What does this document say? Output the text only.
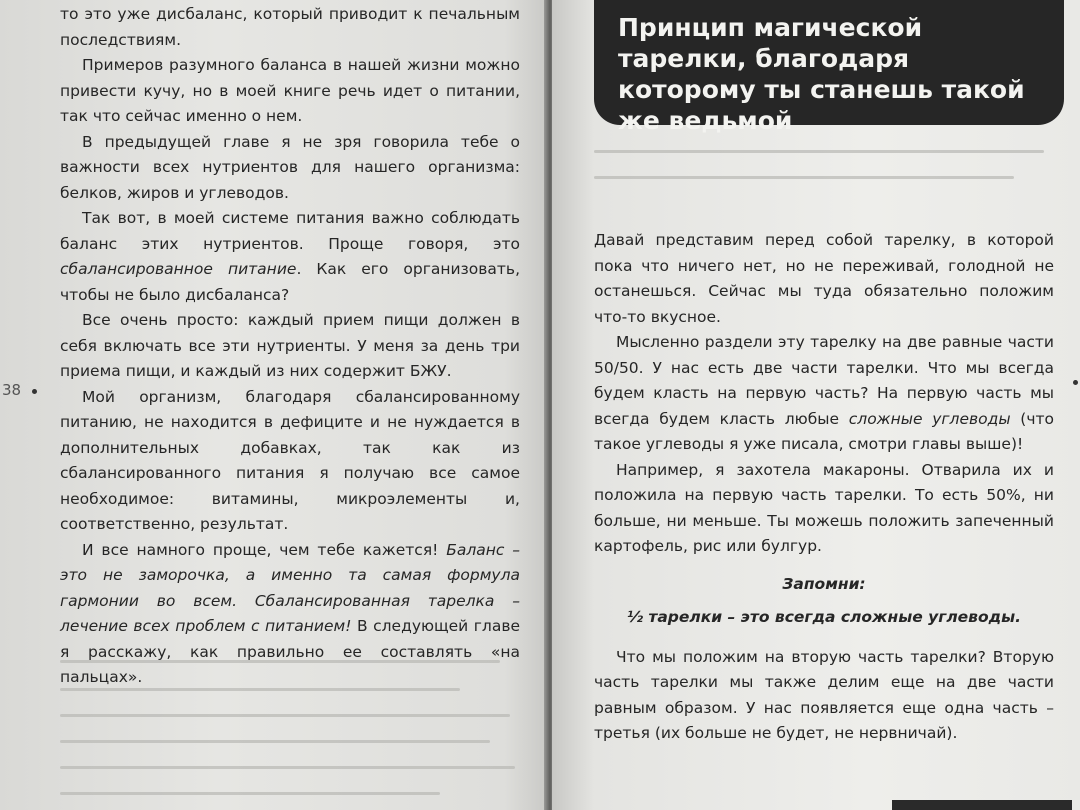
то это уже дисбаланс, который приводит к печальным последствиям.

Примеров разумного баланса в нашей жизни можно привести кучу, но в моей книге речь идет о питании, так что сейчас именно о нем.

В предыдущей главе я не зря говорила тебе о важности всех нутриентов для нашего организма: белков, жиров и углеводов.

Так вот, в моей системе питания важно соблюдать баланс этих нутриентов. Проще говоря, это сбалансированное питание. Как его организовать, чтобы не было дисбаланса?

Все очень просто: каждый прием пищи должен в себя включать все эти нутриенты. У меня за день три приема пищи, и каждый из них содержит БЖУ.

Мой организм, благодаря сбалансированному питанию, не находится в дефиците и не нуждается в дополнительных добавках, так как из сбалансированного питания я получаю все самое необходимое: витамины, микроэлементы и, соответственно, результат.

И все намного проще, чем тебе кажется! Баланс – это не заморочка, а именно та самая формула гармонии во всем. Сбалансированная тарелка – лечение всех проблем с питанием! В следующей главе я расскажу, как правильно ее составлять «на пальцах».

38
Принцип магической тарелки, благодаря которому ты станешь такой же ведьмой

Давай представим перед собой тарелку, в которой пока что ничего нет, но не переживай, голодной не останешься. Сейчас мы туда обязательно положим что-то вкусное.

Мысленно раздели эту тарелку на две равные части 50/50. У нас есть две части тарелки. Что мы всегда будем класть на первую часть? На первую часть мы всегда будем класть любые сложные углеводы (что такое углеводы я уже писала, смотри главы выше)!

Например, я захотела макароны. Отварила их и положила на первую часть тарелки. То есть 50%, ни больше, ни меньше. Ты можешь положить запеченный картофель, рис или булгур.

Запомни:

½ тарелки – это всегда сложные углеводы.

Что мы положим на вторую часть тарелки? Вторую часть тарелки мы также делим еще на две части равным образом. У нас появляется еще одна часть – третья (их больше не будет, не нервничай).
